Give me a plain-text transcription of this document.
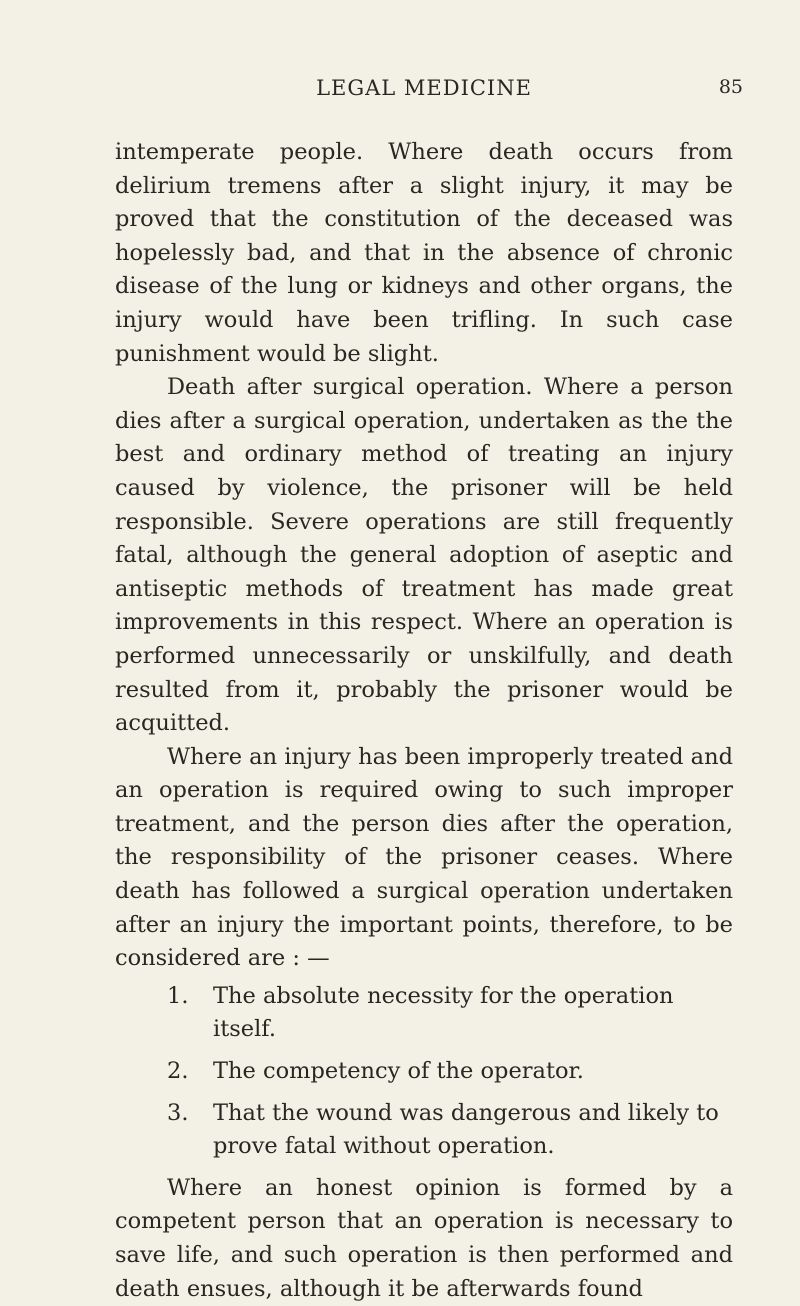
LEGAL MEDICINE	85

intemperate people. Where death occurs from delirium tremens after a slight injury, it may be proved that the constitution of the deceased was hopelessly bad, and that in the absence of chronic disease of the lung or kidneys and other organs, the injury would have been trifling. In such case punishment would be slight.

Death after surgical operation. Where a person dies after a surgical operation, undertaken as the the best and ordinary method of treating an injury caused by violence, the prisoner will be held responsible. Severe operations are still frequently fatal, although the general adoption of aseptic and antiseptic methods of treatment has made great improvements in this respect. Where an operation is performed unnecessarily or unskilfully, and death resulted from it, probably the prisoner would be acquitted.

Where an injury has been improperly treated and an operation is required owing to such improper treatment, and the person dies after the operation, the responsibility of the prisoner ceases. Where death has followed a surgical operation undertaken after an injury the important points, therefore, to be considered are : —

1. The absolute necessity for the operation itself.
2. The competency of the operator.
3. That the wound was dangerous and likely to prove fatal without operation.

Where an honest opinion is formed by a competent person that an operation is necessary to save life, and such operation is then performed and death ensues, although it be afterwards found
